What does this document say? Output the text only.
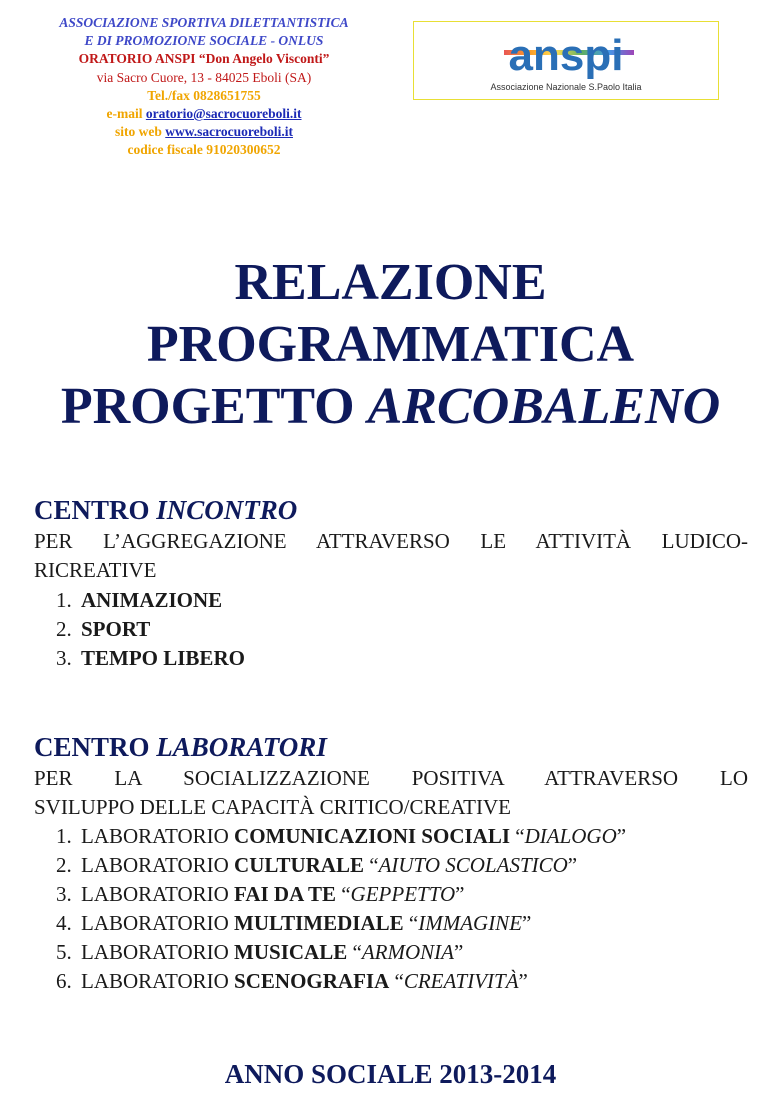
ASSOCIAZIONE SPORTIVA DILETTANTISTICA
E DI PROMOZIONE SOCIALE - ONLUS
ORATORIO ANSPI “Don Angelo Visconti”
via Sacro Cuore, 13 - 84025 Eboli (SA)
Tel./fax 0828651755
e-mail oratorio@sacrocuoreboli.it
sito web www.sacrocuoreboli.it
codice fiscale 91020300652
anspi
Associazione Nazionale S.Paolo Italia
RELAZIONE
PROGRAMMATICA
PROGETTO ARCOBALENO
CENTRO INCONTRO
PER L’AGGREGAZIONE ATTRAVERSO LE ATTIVITÀ LUDICO-
RICREATIVE
1. ANIMAZIONE
2. SPORT
3. TEMPO LIBERO
CENTRO LABORATORI
PER LA SOCIALIZZAZIONE POSITIVA ATTRAVERSO LO
SVILUPPO DELLE CAPACITÀ CRITICO/CREATIVE
1. LABORATORIO COMUNICAZIONI SOCIALI “DIALOGO”
2. LABORATORIO CULTURALE “AIUTO SCOLASTICO”
3. LABORATORIO FAI DA TE “GEPPETTO”
4. LABORATORIO MULTIMEDIALE “IMMAGINE”
5. LABORATORIO MUSICALE “ARMONIA”
6. LABORATORIO SCENOGRAFIA “CREATIVITÀ”
ANNO SOCIALE 2013-2014
